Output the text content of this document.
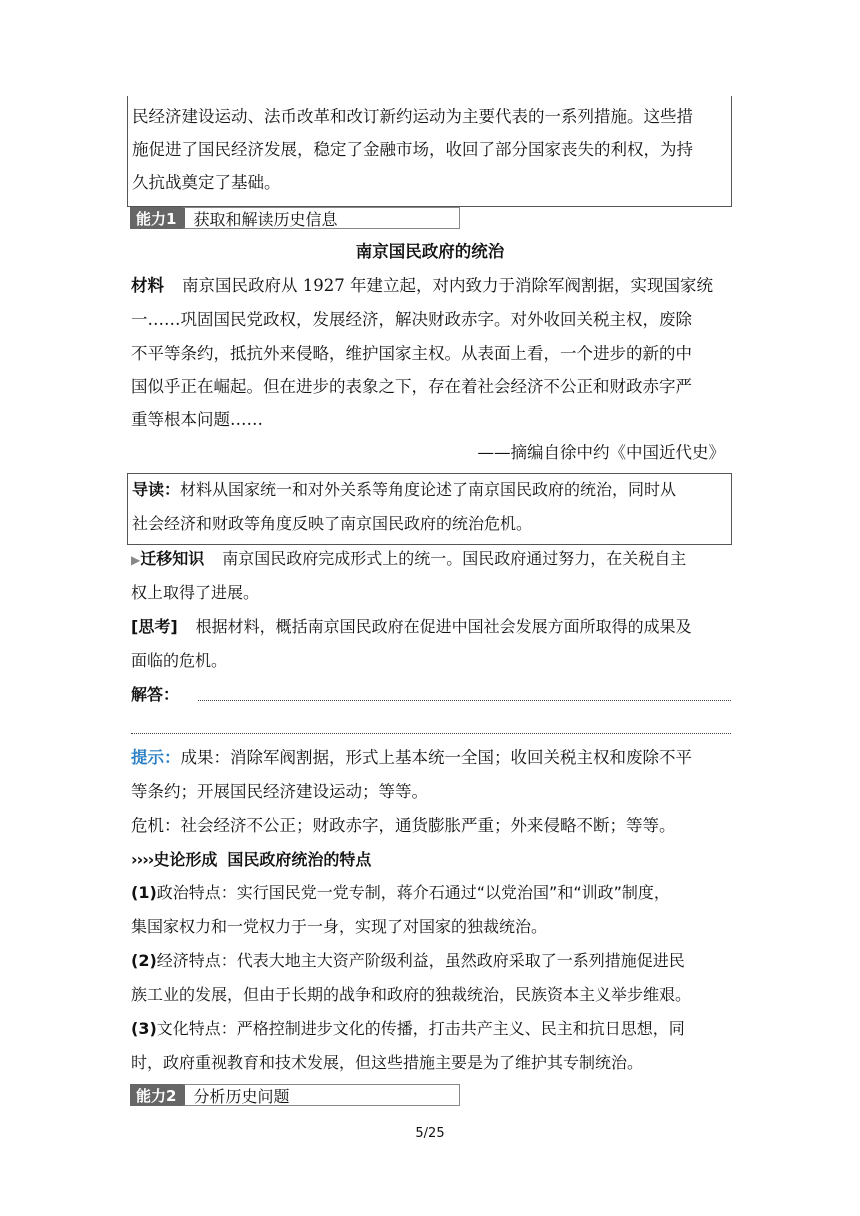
民经济建设运动、法币改革和改订新约运动为主要代表的一系列措施。这些措
施促进了国民经济发展，稳定了金融市场，收回了部分国家丧失的利权，为持
久抗战奠定了基础。
能力1	获取和解读历史信息
南京国民政府的统治
材料 南京国民政府从 1927 年建立起，对内致力于消除军阀割据，实现国家统
一……巩固国民党政权，发展经济，解决财政赤字。对外收回关税主权，废除
不平等条约，抵抗外来侵略，维护国家主权。从表面上看，一个进步的新的中
国似乎正在崛起。但在进步的表象之下，存在着社会经济不公正和财政赤字严
重等根本问题……
——摘编自徐中约《中国近代史》
导读：材料从国家统一和对外关系等角度论述了南京国民政府的统治，同时从
社会经济和财政等角度反映了南京国民政府的统治危机。
▶迁移知识 南京国民政府完成形式上的统一。国民政府通过努力，在关税自主
权上取得了进展。
[思考] 根据材料，概括南京国民政府在促进中国社会发展方面所取得的成果及
面临的危机。
解答：
提示：成果：消除军阀割据，形式上基本统一全国；收回关税主权和废除不平
等条约；开展国民经济建设运动；等等。
危机：社会经济不公正；财政赤字，通货膨胀严重；外来侵略不断；等等。
››››史论形成 国民政府统治的特点
(1)政治特点：实行国民党一党专制，蒋介石通过“以党治国”和“训政”制度，
集国家权力和一党权力于一身，实现了对国家的独裁统治。
(2)经济特点：代表大地主大资产阶级利益，虽然政府采取了一系列措施促进民
族工业的发展，但由于长期的战争和政府的独裁统治，民族资本主义举步维艰。
(3)文化特点：严格控制进步文化的传播，打击共产主义、民主和抗日思想，同
时，政府重视教育和技术发展，但这些措施主要是为了维护其专制统治。
能力2	分析历史问题
5/25
